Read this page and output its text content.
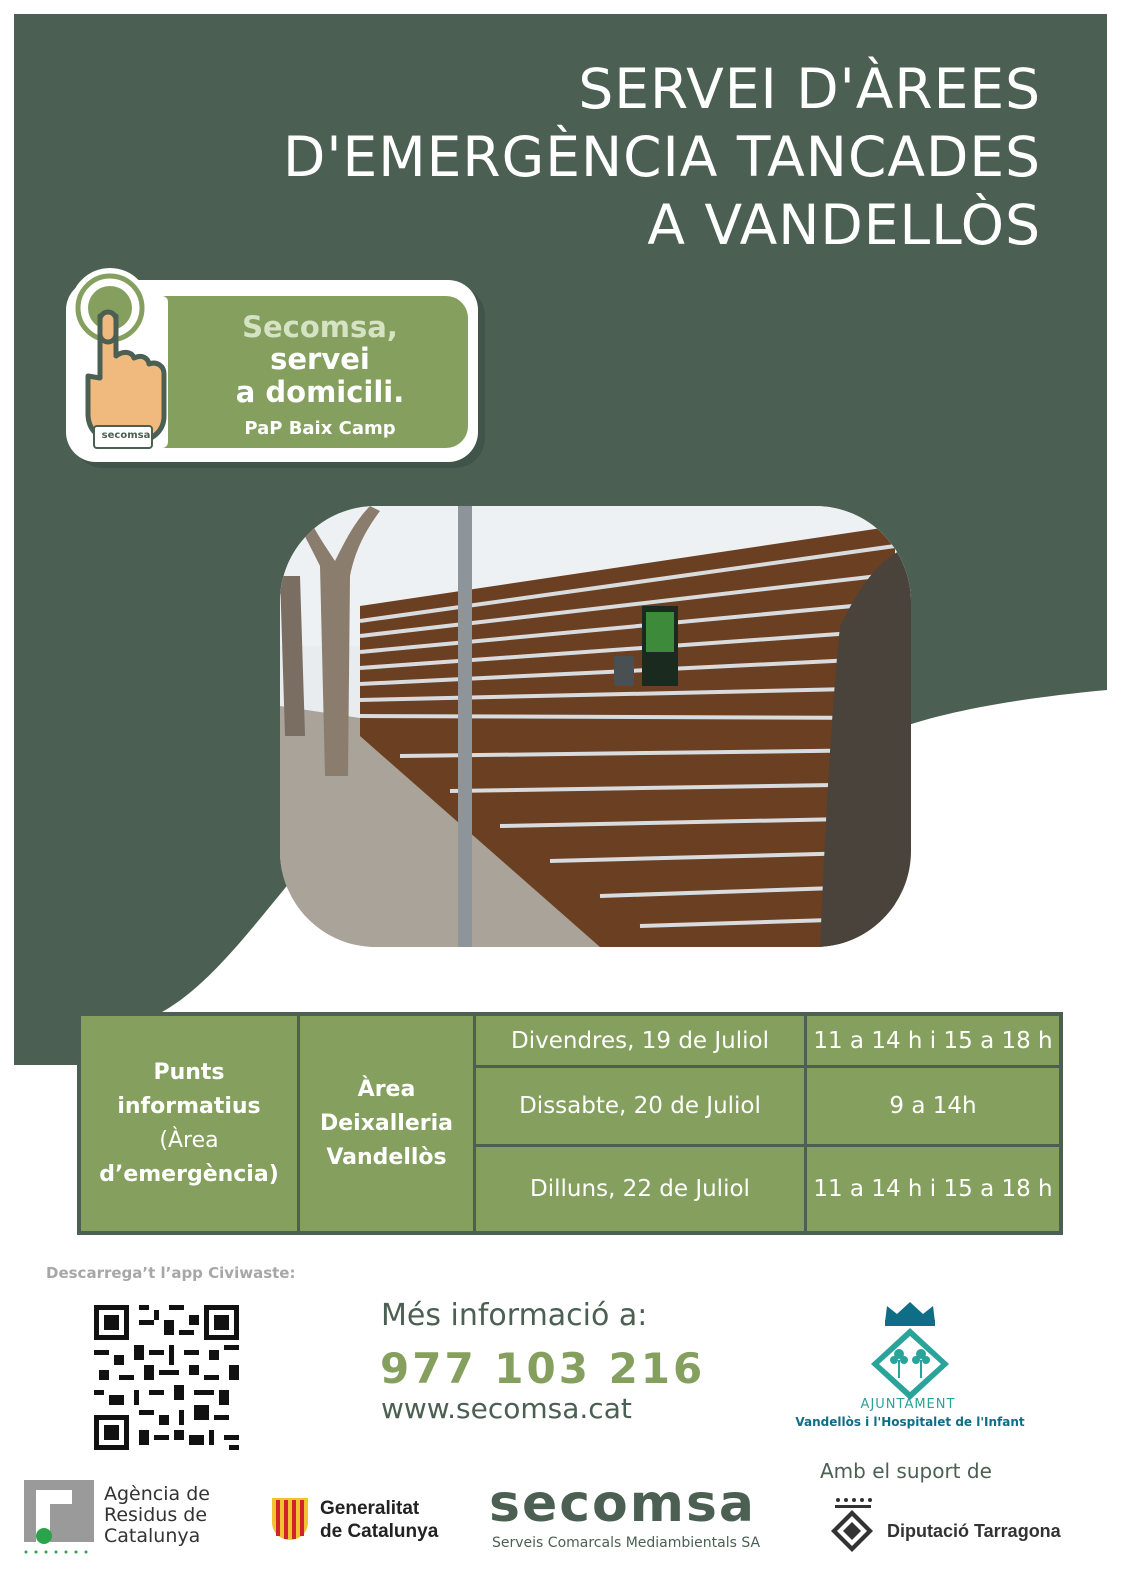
SERVEI D'ÀREES
D'EMERGÈNCIA TANCADES
A VANDELLÒS
secomsa
Secomsa,
servei
a domicili.
PaP Baix Camp
Punts
informatius
(Àrea
d’emergència)
Àrea
Deixalleria
Vandellòs
Divendres, 19 de Juliol	11 a 14 h i 15 a 18 h
Dissabte, 20 de Juliol	9 a 14h
Dilluns, 22 de Juliol	11 a 14 h i 15 a 18 h
Descarrega’t l’app Civiwaste:
Més informació a:
977 103 216
www.secomsa.cat	AJUNTAMENT
Vandellòs i l'Hospitalet de l'Infant
Amb el suport de
Agència de
Residus de
Catalunya
Generalitat
de Catalunya secomsa
Serveis Comarcals Mediambientals SA
Diputació Tarragona
